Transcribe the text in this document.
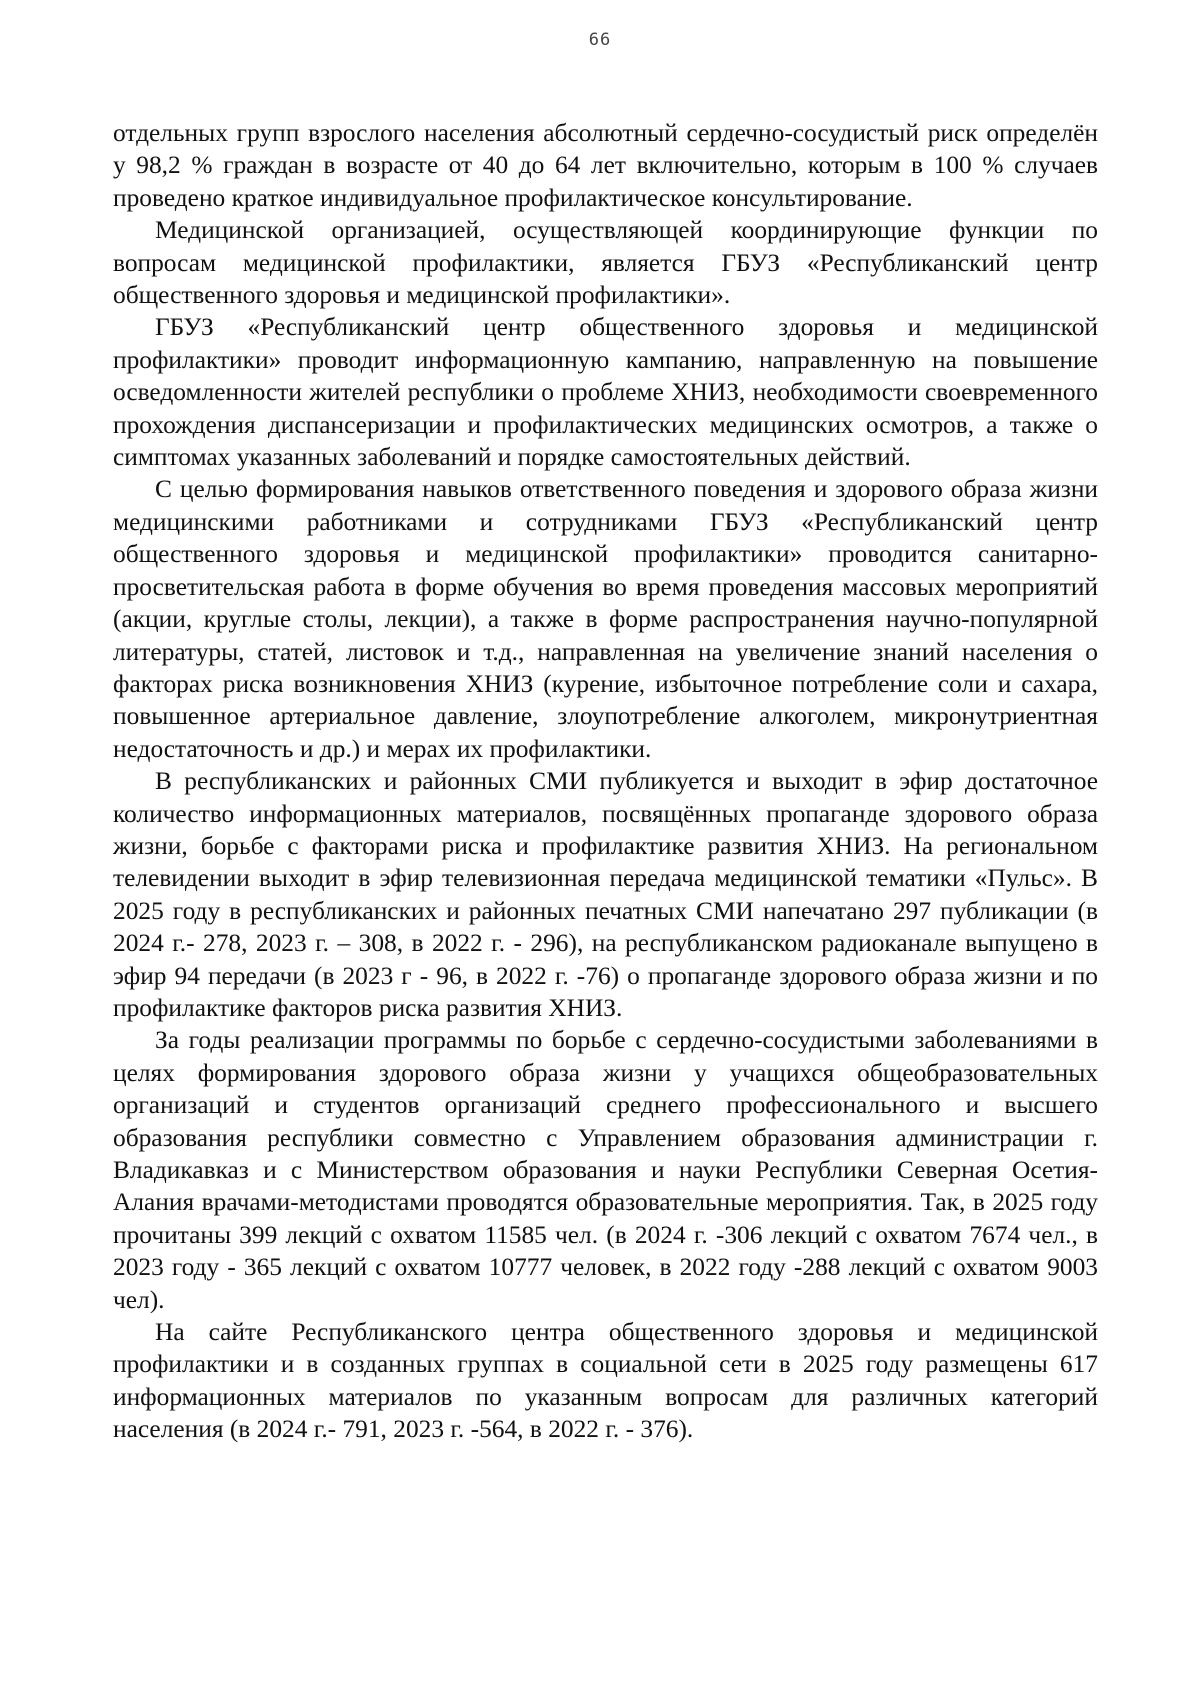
66

отдельных групп взрослого населения абсолютный сердечно-сосудистый риск определён у 98,2 % граждан в возрасте от 40 до 64 лет включительно, которым в 100 % случаев проведено краткое индивидуальное профилактическое консультирование.

Медицинской организацией, осуществляющей координирующие функции по вопросам медицинской профилактики, является ГБУЗ «Республиканский центр общественного здоровья и медицинской профилактики».

ГБУЗ «Республиканский центр общественного здоровья и медицинской профилактики» проводит информационную кампанию, направленную на повышение осведомленности жителей республики о проблеме ХНИЗ, необходимости своевременного прохождения диспансеризации и профилактических медицинских осмотров, а также о симптомах указанных заболеваний и порядке самостоятельных действий.

С целью формирования навыков ответственного поведения и здорового образа жизни медицинскими работниками и сотрудниками ГБУЗ «Республиканский центр общественного здоровья и медицинской профилактики» проводится санитарно-просветительская работа в форме обучения во время проведения массовых мероприятий (акции, круглые столы, лекции), а также в форме распространения научно-популярной литературы, статей, листовок и т.д., направленная на увеличение знаний населения о факторах риска возникновения ХНИЗ (курение, избыточное потребление соли и сахара, повышенное артериальное давление, злоупотребление алкоголем, микронутриентная недостаточность и др.) и мерах их профилактики.

В республиканских и районных СМИ публикуется и выходит в эфир достаточное количество информационных материалов, посвящённых пропаганде здорового образа жизни, борьбе с факторами риска и профилактике развития ХНИЗ. На региональном телевидении выходит в эфир телевизионная передача медицинской тематики «Пульс». В 2025 году в республиканских и районных печатных СМИ напечатано 297 публикации (в 2024 г.- 278, 2023 г. – 308, в 2022 г. - 296), на республиканском радиоканале выпущено в эфир 94 передачи (в 2023 г - 96, в 2022 г. -76) о пропаганде здорового образа жизни и по профилактике факторов риска развития ХНИЗ.

За годы реализации программы по борьбе с сердечно-сосудистыми заболеваниями в целях формирования здорового образа жизни у учащихся общеобразовательных организаций и студентов организаций среднего профессионального и высшего образования республики совместно с Управлением образования администрации г. Владикавказ и с Министерством образования и науки Республики Северная Осетия-Алания врачами-методистами проводятся образовательные мероприятия. Так, в 2025 году прочитаны 399 лекций с охватом 11585 чел. (в 2024 г. -306 лекций с охватом 7674 чел., в 2023 году - 365 лекций с охватом 10777 человек, в 2022 году -288 лекций с охватом 9003 чел).

На сайте Республиканского центра общественного здоровья и медицинской профилактики и в созданных группах в социальной сети в 2025 году размещены 617 информационных материалов по указанным вопросам для различных категорий населения (в 2024 г.- 791, 2023 г. -564, в 2022 г. - 376).
